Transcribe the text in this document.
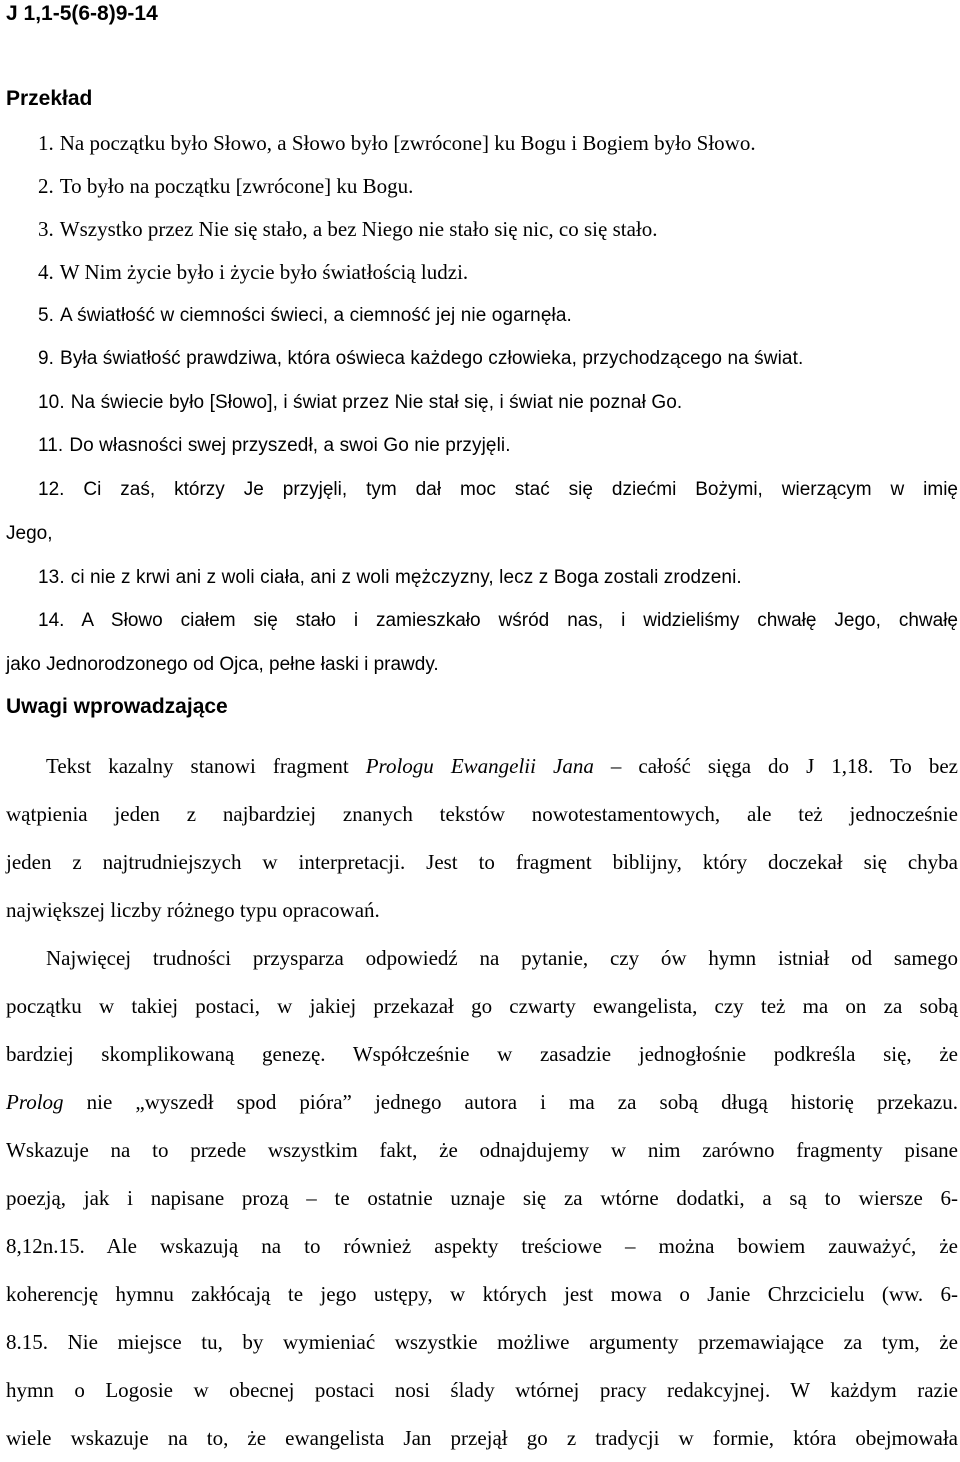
J 1,1-5(6-8)9-14
Przekład
1. Na początku było Słowo, a Słowo było [zwrócone] ku Bogu i Bogiem było Słowo.
2. To było na początku [zwrócone] ku Bogu.
3. Wszystko przez Nie się stało, a bez Niego nie stało się nic, co się stało.
4. W Nim życie było i życie było światłością ludzi.
5. A światłość w ciemności świeci, a ciemność jej nie ogarnęła.
9. Była światłość prawdziwa, która oświeca każdego człowieka, przychodzącego na świat.
10. Na świecie było [Słowo], i świat przez Nie stał się, i świat nie poznał Go.
11. Do własności swej przyszedł, a swoi Go nie przyjęli.
12. Ci zaś, którzy Je przyjęli, tym dał moc stać się dziećmi Bożymi, wierzącym w imię
Jego,
13. ci nie z krwi ani z woli ciała, ani z woli mężczyzny, lecz z Boga zostali zrodzeni.
14. A Słowo ciałem się stało i zamieszkało wśród nas, i widzieliśmy chwałę Jego, chwałę
jako Jednorodzonego od Ojca, pełne łaski i prawdy.
Uwagi wprowadzające
Tekst kazalny stanowi fragment Prologu Ewangelii Jana – całość sięga do J 1,18. To bez
wątpienia jeden z najbardziej znanych tekstów nowotestamentowych, ale też jednocześnie
jeden z najtrudniejszych w interpretacji. Jest to fragment biblijny, który doczekał się chyba
największej liczby różnego typu opracowań.
Najwięcej trudności przysparza odpowiedź na pytanie, czy ów hymn istniał od samego
początku w takiej postaci, w jakiej przekazał go czwarty ewangelista, czy też ma on za sobą
bardziej skomplikowaną genezę. Współcześnie w zasadzie jednogłośnie podkreśla się, że
Prolog nie „wyszedł spod pióra” jednego autora i ma za sobą długą historię przekazu.
Wskazuje na to przede wszystkim fakt, że odnajdujemy w nim zarówno fragmenty pisane
poezją, jak i napisane prozą – te ostatnie uznaje się za wtórne dodatki, a są to wiersze 6-
8,12n.15. Ale wskazują na to również aspekty treściowe – można bowiem zauważyć, że
koherencję hymnu zakłócają te jego ustępy, w których jest mowa o Janie Chrzcicielu (ww. 6-
8.15. Nie miejsce tu, by wymieniać wszystkie możliwe argumenty przemawiające za tym, że
hymn o Logosie w obecnej postaci nosi ślady wtórnej pracy redakcyjnej. W każdym razie
wiele wskazuje na to, że ewangelista Jan przejął go z tradycji w formie, która obejmowała
